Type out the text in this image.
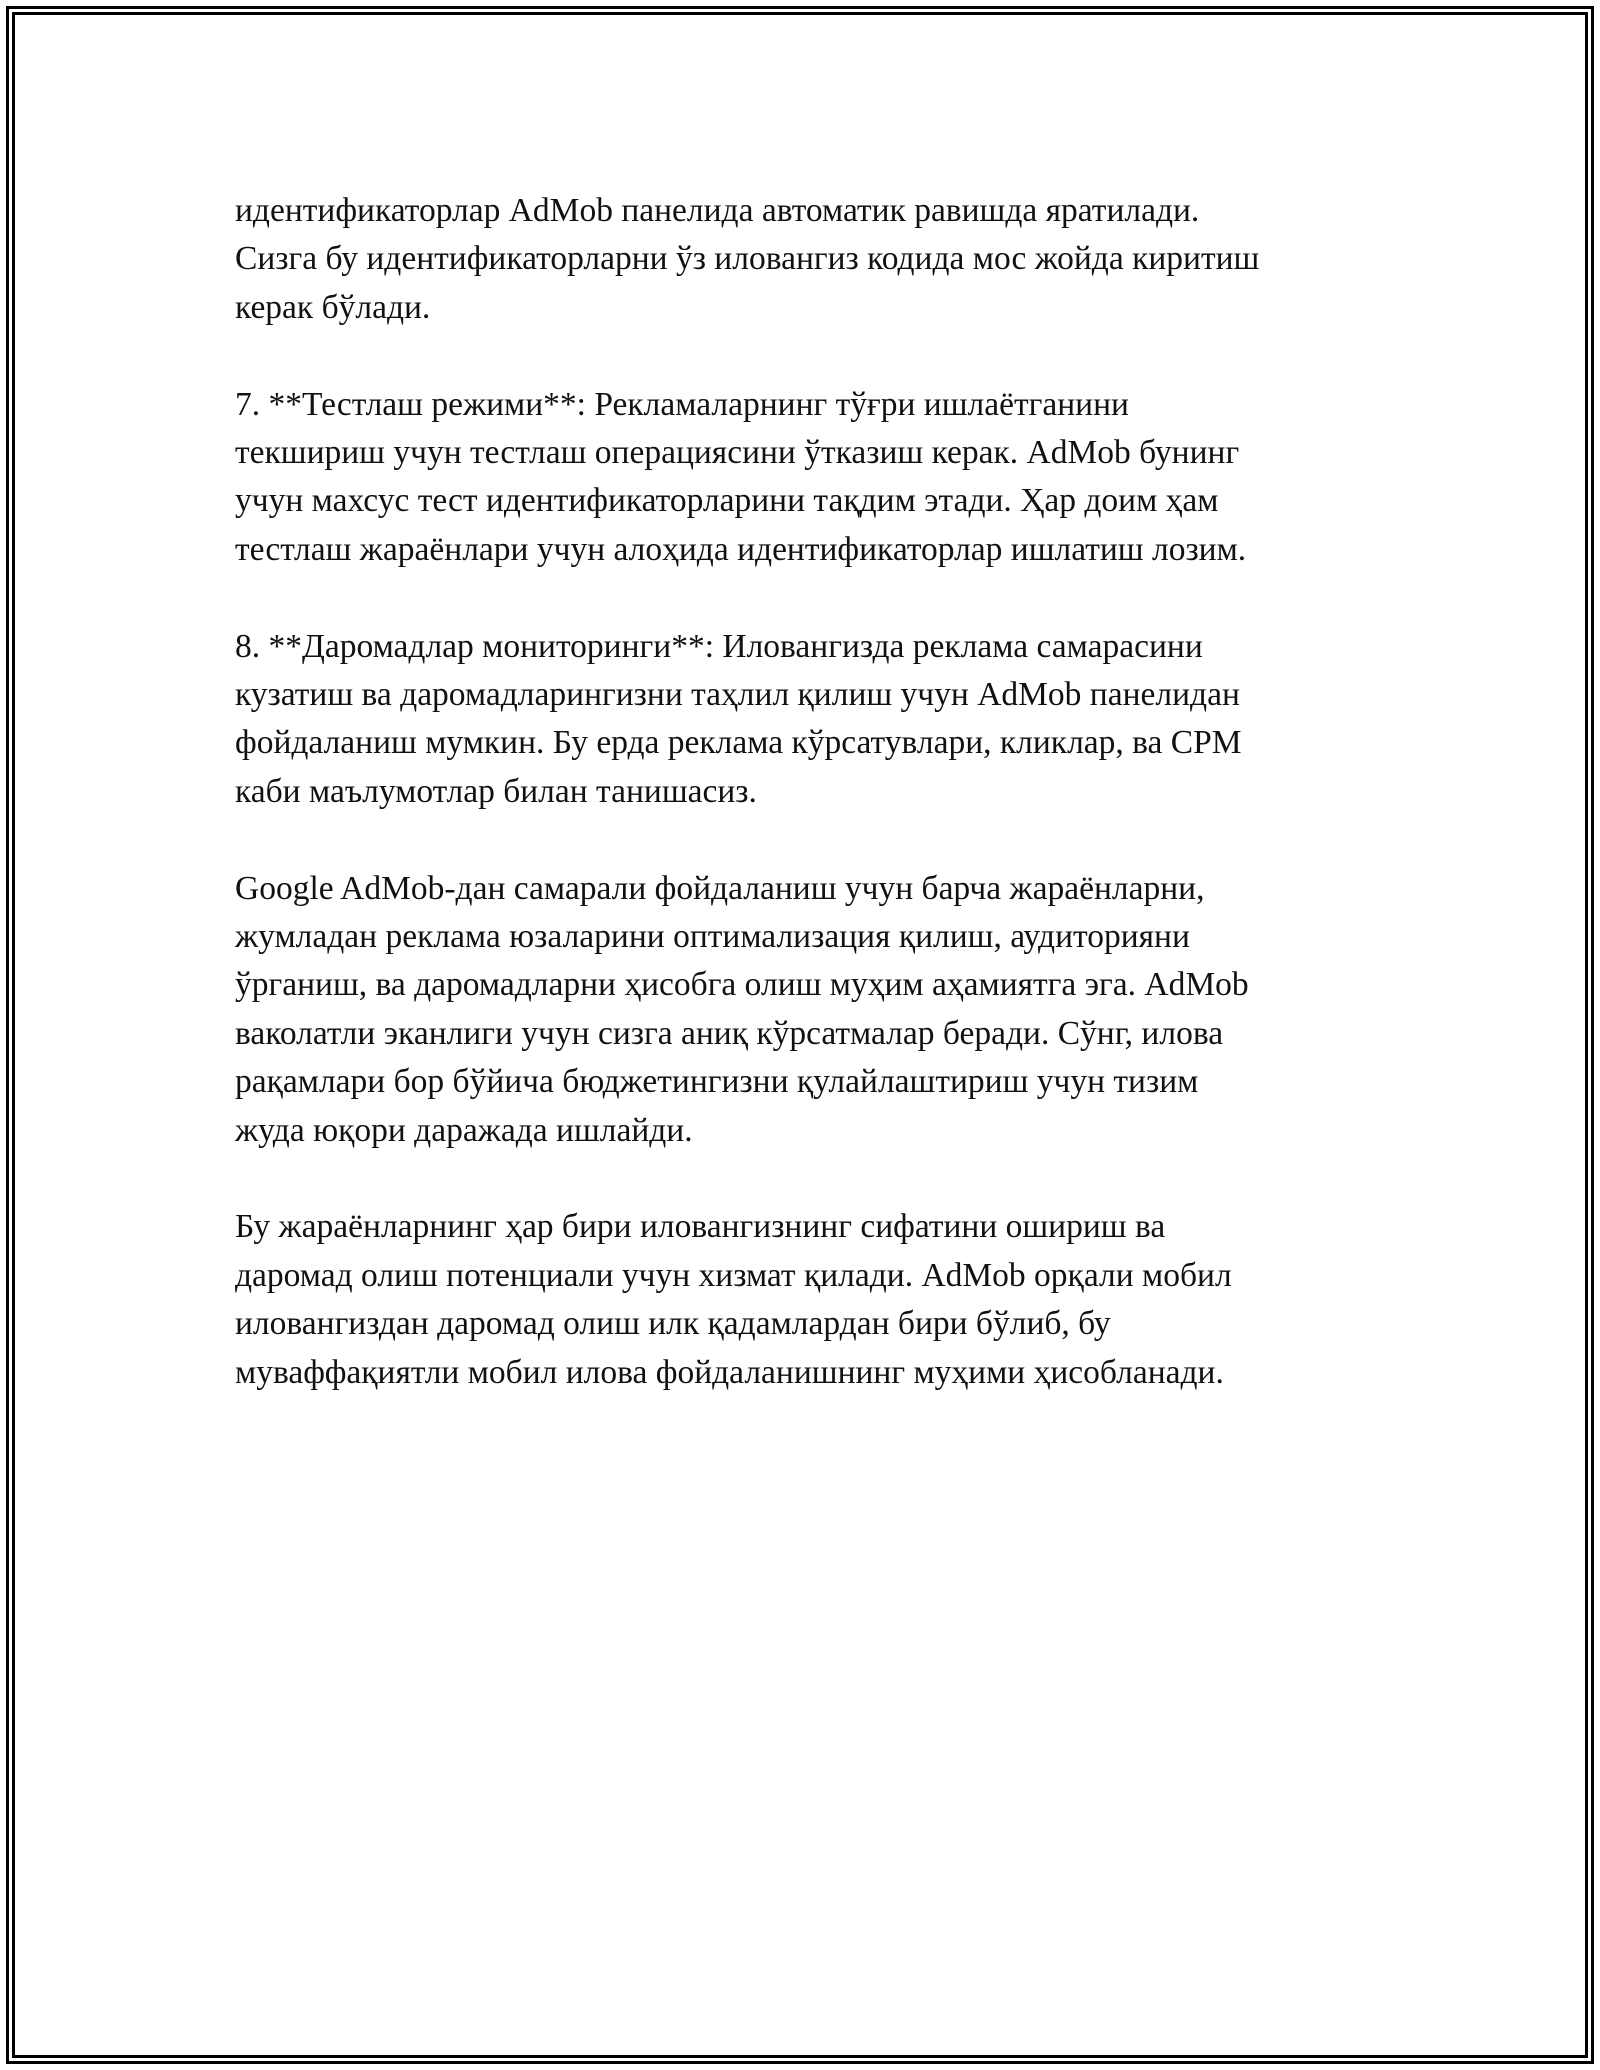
идентификаторлар AdMob панелида автоматик равишда яратилади.
Сизга бу идентификаторларни ўз иловангиз кодида мос жойда киритиш
керак бўлади.

7. **Тестлаш режими**: Рекламаларнинг тўғри ишлаётганини
текшириш учун тестлаш операциясини ўтказиш керак. AdMob бунинг
учун махсус тест идентификаторларини тақдим этади. Ҳар доим ҳам
тестлаш жараёнлари учун алоҳида идентификаторлар ишлатиш лозим.

8. **Даромадлар мониторинги**: Иловангизда реклама самарасини
кузатиш ва даромадларингизни таҳлил қилиш учун AdMob панелидан
фойдаланиш мумкин. Бу ерда реклама кўрсатувлари, кликлар, ва CPM
каби маълумотлар билан танишасиз.

Google AdMob-дан самарали фойдаланиш учун барча жараёнларни,
жумладан реклама юзаларини оптимализация қилиш, аудиторияни
ўрганиш, ва даромадларни ҳисобга олиш муҳим аҳамиятга эга. AdMob
ваколатли эканлиги учун сизга аниқ кўрсатмалар беради. Сўнг, илова
рақамлари бор бўйича бюджетингизни қулайлаштириш учун тизим
жуда юқори даражада ишлайди.

Бу жараёнларнинг ҳар бири иловангизнинг сифатини ошириш ва
даромад олиш потенциали учун хизмат қилади. AdMob орқали мобил
иловангиздан даромад олиш илк қадамлардан бири бўлиб, бу
муваффақиятли мобил илова фойдаланишнинг муҳими ҳисобланади.
